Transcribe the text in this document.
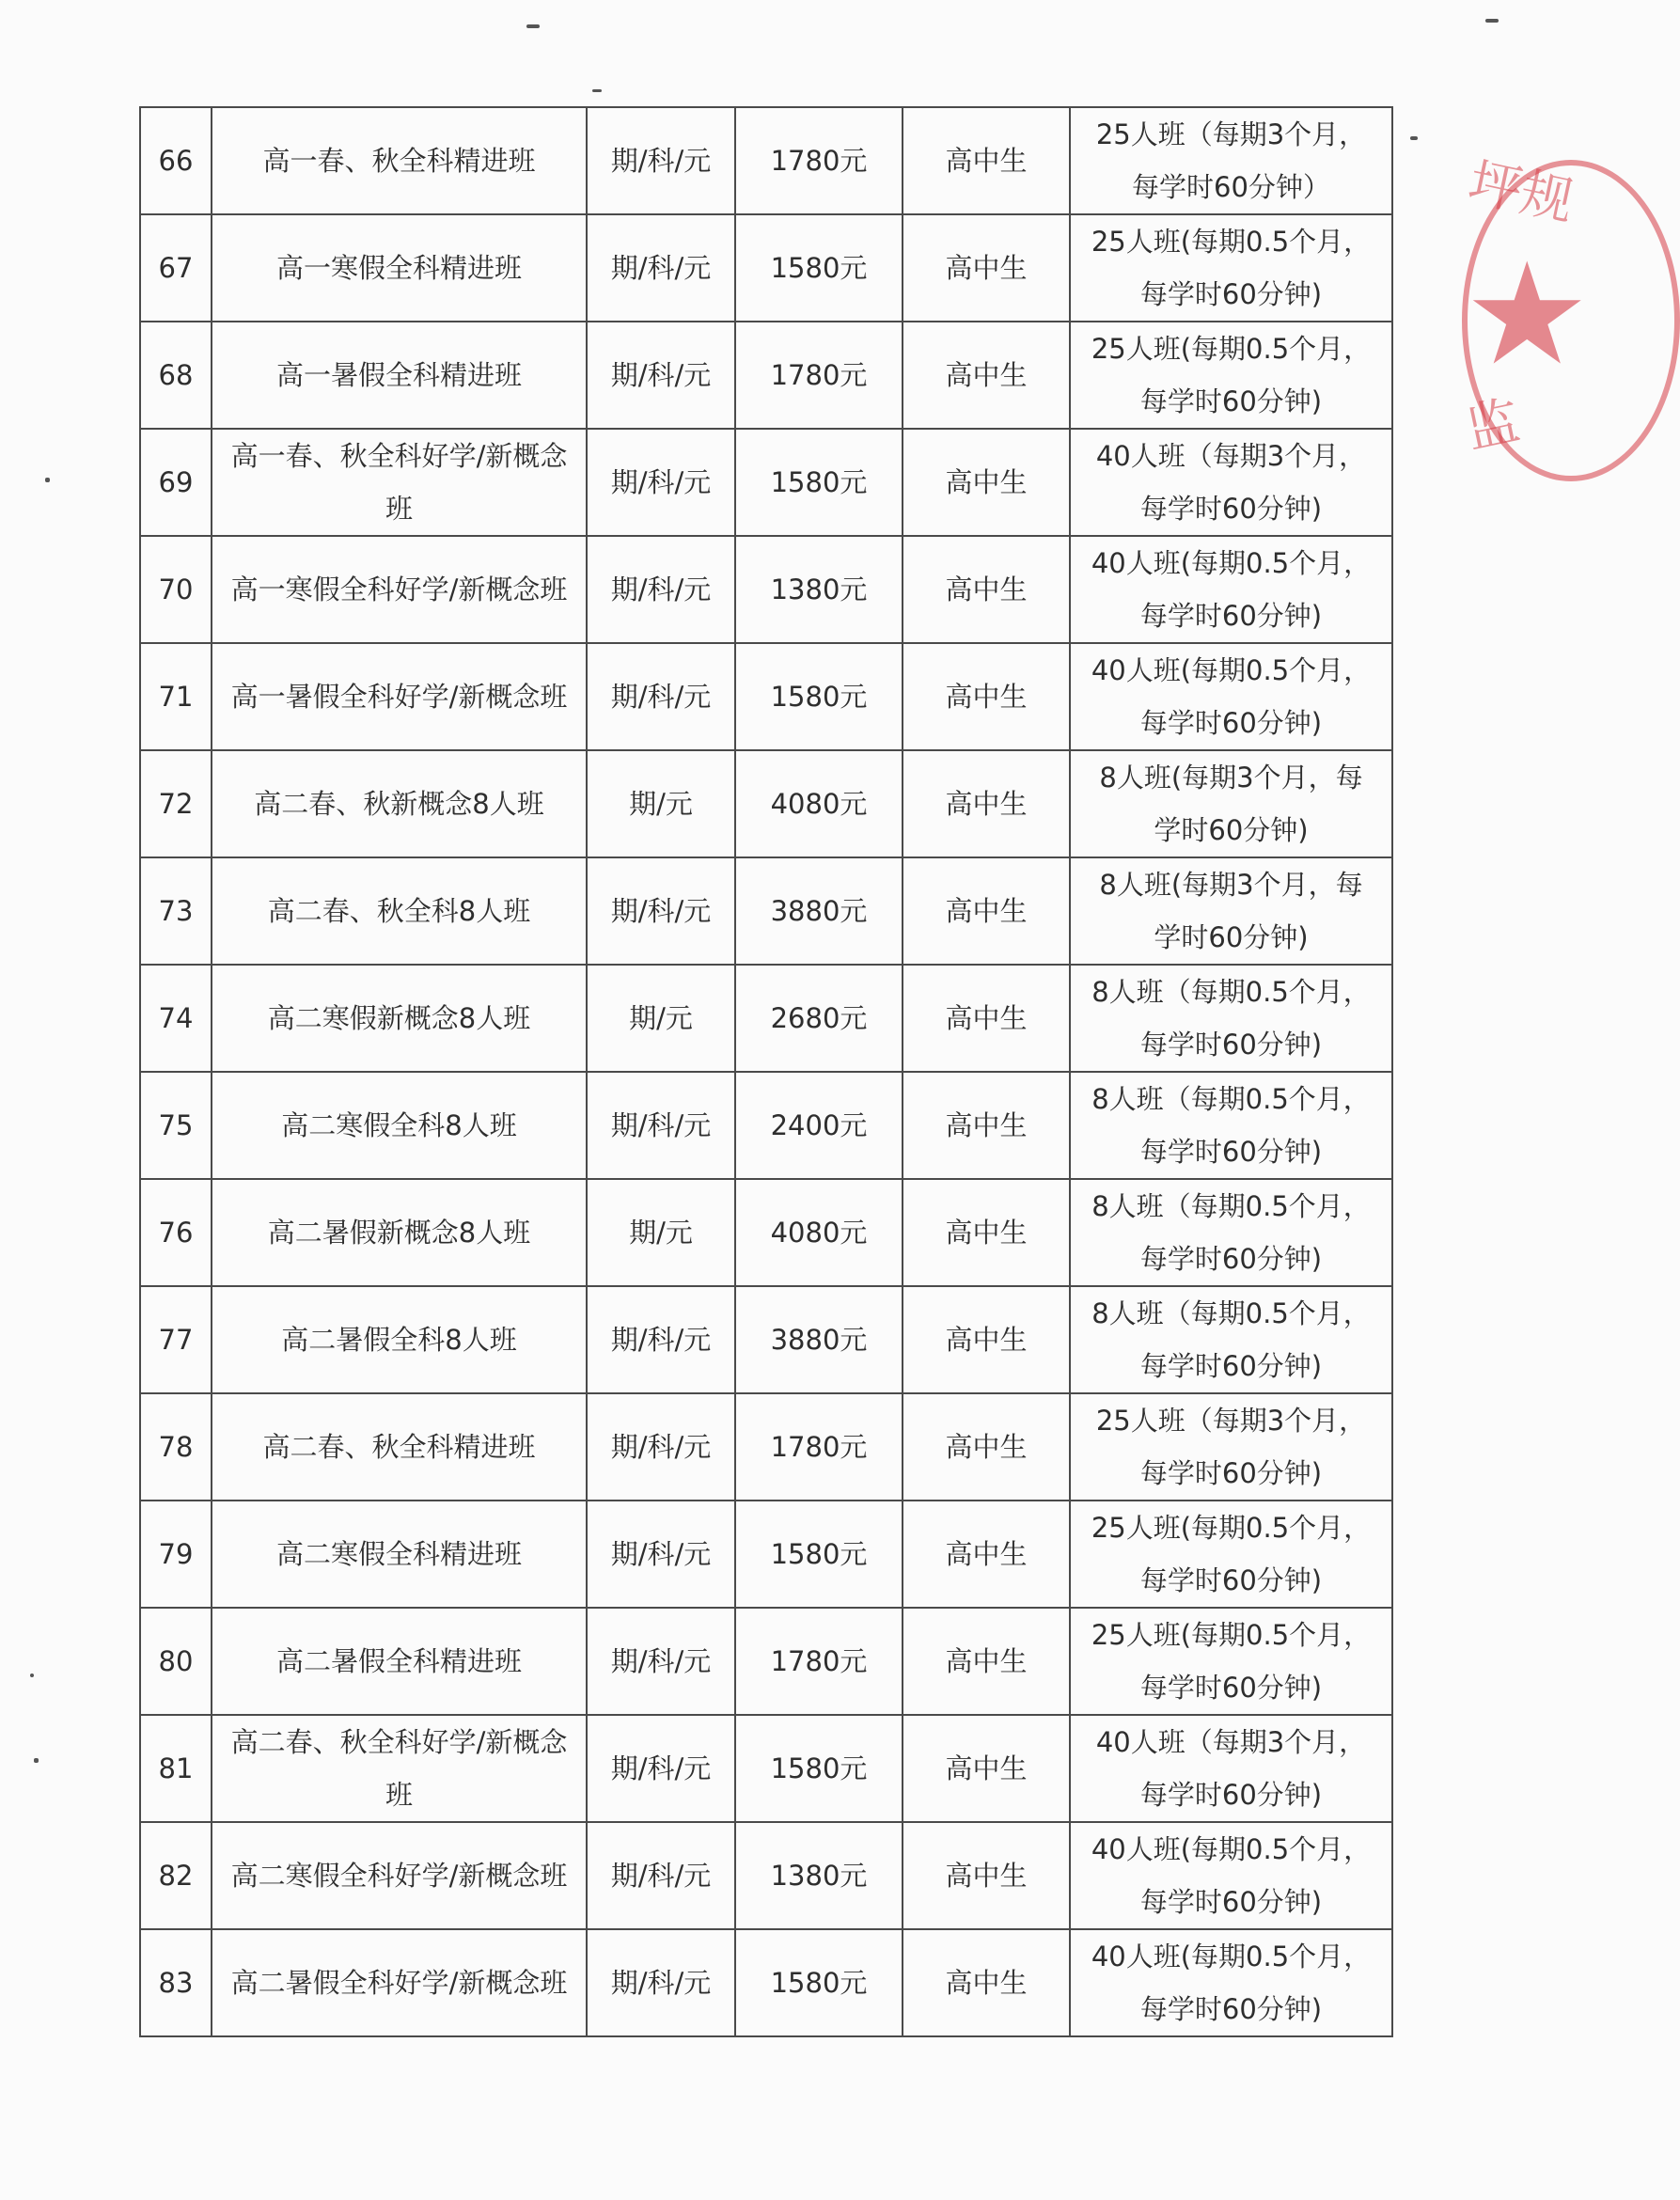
66	高一春、秋全科精进班	期/科/元	1780元	高中生	25人班（每期3个月，
每学时60分钟）
67	高一寒假全科精进班	期/科/元	1580元	高中生	25人班(每期0.5个月，
每学时60分钟)
68	高一暑假全科精进班	期/科/元	1780元	高中生	25人班(每期0.5个月，
每学时60分钟)
69	高一春、秋全科好学/新概念班	期/科/元	1580元	高中生	40人班（每期3个月，
每学时60分钟)
70	高一寒假全科好学/新概念班	期/科/元	1380元	高中生	40人班(每期0.5个月，
每学时60分钟)
71	高一暑假全科好学/新概念班	期/科/元	1580元	高中生	40人班(每期0.5个月，
每学时60分钟)
72	高二春、秋新概念8人班	期/元	4080元	高中生	8人班(每期3个月，每
学时60分钟)
73	高二春、秋全科8人班	期/科/元	3880元	高中生	8人班(每期3个月，每
学时60分钟)
74	高二寒假新概念8人班	期/元	2680元	高中生	8人班（每期0.5个月，
每学时60分钟)
75	高二寒假全科8人班	期/科/元	2400元	高中生	8人班（每期0.5个月，
每学时60分钟)
76	高二暑假新概念8人班	期/元	4080元	高中生	8人班（每期0.5个月，
每学时60分钟)
77	高二暑假全科8人班	期/科/元	3880元	高中生	8人班（每期0.5个月，
每学时60分钟)
78	高二春、秋全科精进班	期/科/元	1780元	高中生	25人班（每期3个月，
每学时60分钟)
79	高二寒假全科精进班	期/科/元	1580元	高中生	25人班(每期0.5个月，
每学时60分钟)
80	高二暑假全科精进班	期/科/元	1780元	高中生	25人班(每期0.5个月，
每学时60分钟)
81	高二春、秋全科好学/新概念班	期/科/元	1580元	高中生	40人班（每期3个月，
每学时60分钟)
82	高二寒假全科好学/新概念班	期/科/元	1380元	高中生	40人班(每期0.5个月，
每学时60分钟)
83	高二暑假全科好学/新概念班	期/科/元	1580元	高中生	40人班(每期0.5个月，
每学时60分钟)
★
坪规
监
